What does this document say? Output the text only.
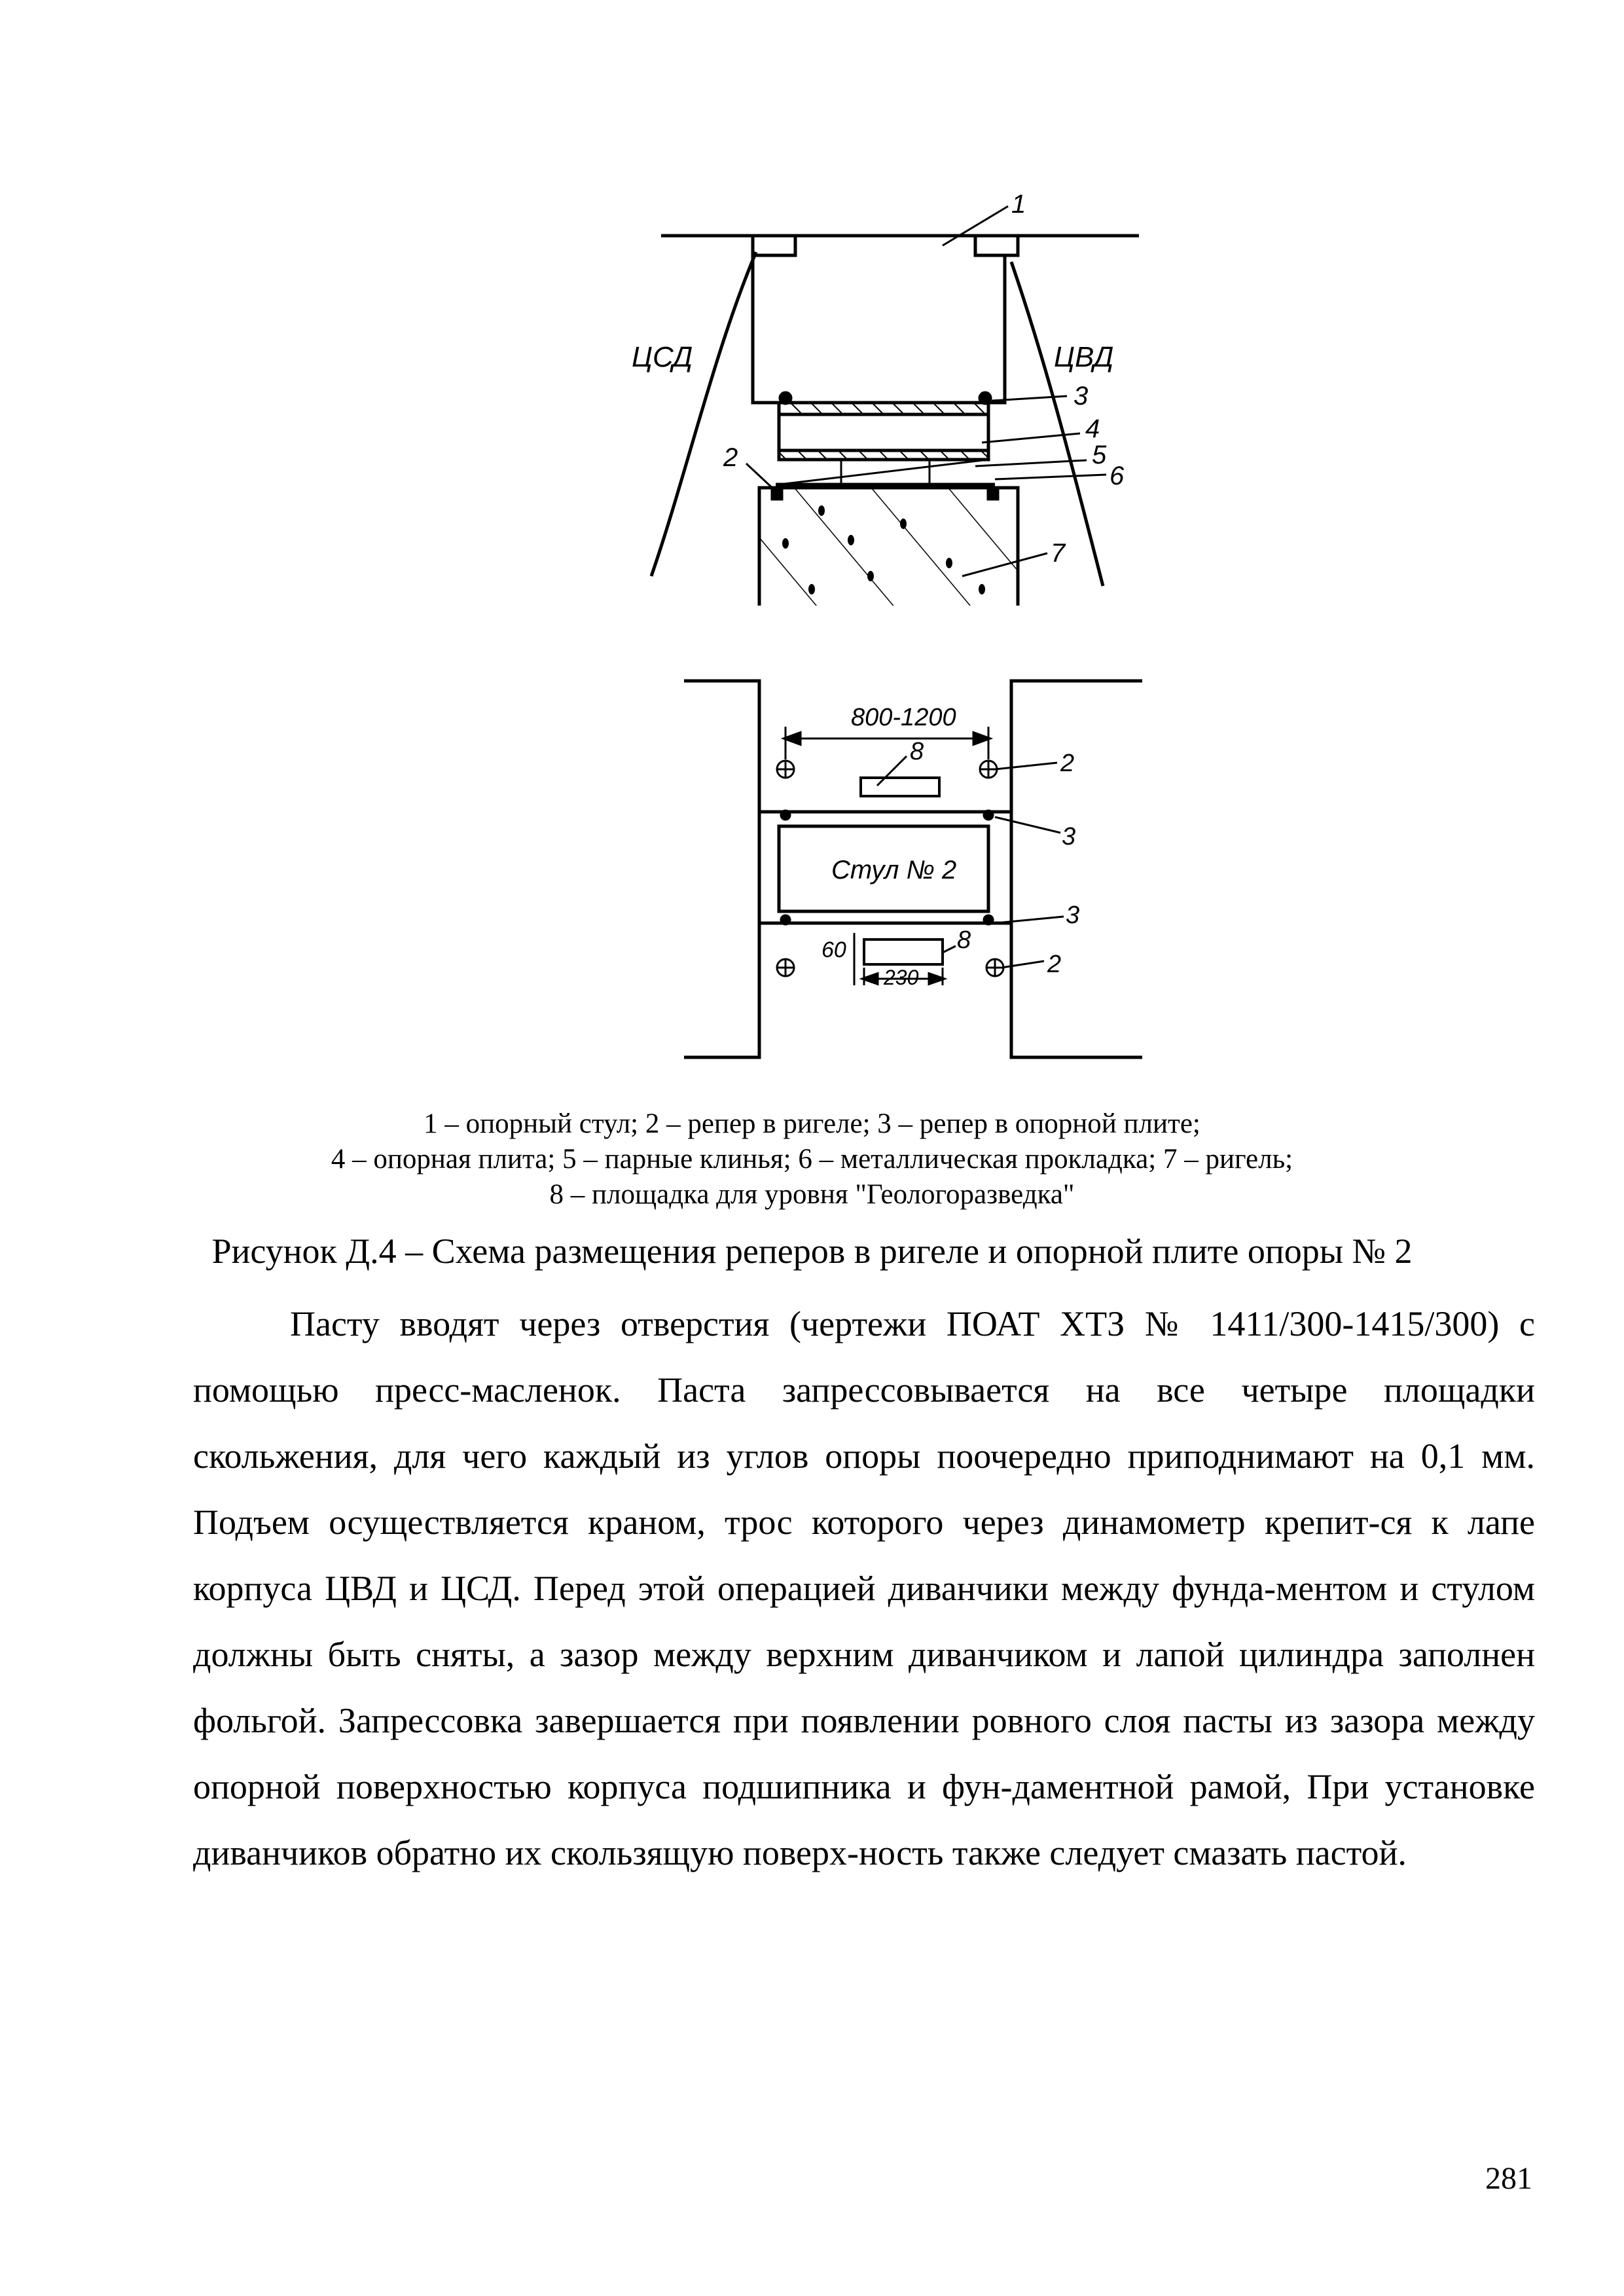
1
ЦСД	ЦВД
3
4
5
6
2
7
800-1200
8	2
3
Стул № 2
3
60	8
230	2
1 – опорный стул; 2 – репер в ригеле; 3 – репер в опорной плите;
4 – опорная плита; 5 – парные клинья; 6 – металлическая прокладка; 7 – ригель;
8 – площадка для уровня "Геологоразведка"
Рисунок Д.4 – Схема размещения реперов в ригеле и опорной плите опоры № 2

Пасту вводят через отверстия (чертежи ПОАТ ХТЗ № 1411/300-1415/300) с помощью пресс-масленок. Паста запрессовывается на все четыре площадки скольжения, для чего каждый из углов опоры поочередно приподнимают на 0,1 мм. Подъем осуществляется краном, трос которого через динамометр крепит-ся к лапе корпуса ЦВД и ЦСД. Перед этой операцией диванчики между фунда-ментом и стулом должны быть сняты, а зазор между верхним диванчиком и лапой цилиндра заполнен фольгой. Запрессовка завершается при появлении ровного слоя пасты из зазора между опорной поверхностью корпуса подшипника и фун-даментной рамой, При установке диванчиков обратно их скользящую поверх-ность также следует смазать пастой.

281
